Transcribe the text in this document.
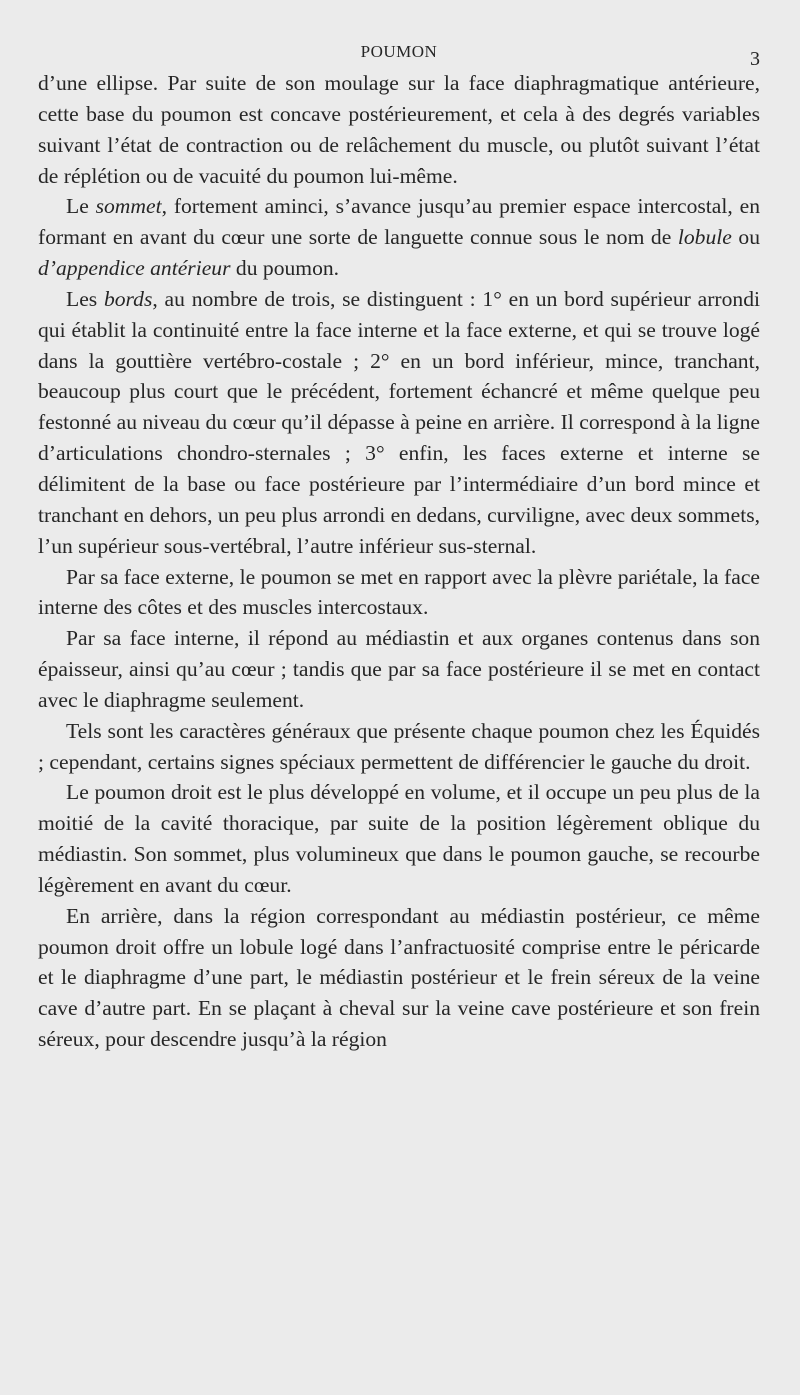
POUMON	3

d’une ellipse. Par suite de son moulage sur la face diaphragmatique antérieure, cette base du poumon est concave postérieurement, et cela à des degrés variables suivant l’état de contraction ou de relâchement du muscle, ou plutôt suivant l’état de réplétion ou de vacuité du poumon lui-même.

Le sommet, fortement aminci, s’avance jusqu’au premier espace intercostal, en formant en avant du cœur une sorte de languette connue sous le nom de lobule ou d’appendice antérieur du poumon.

Les bords, au nombre de trois, se distinguent : 1° en un bord supérieur arrondi qui établit la continuité entre la face interne et la face externe, et qui se trouve logé dans la gouttière vertébro-costale ; 2° en un bord inférieur, mince, tranchant, beaucoup plus court que le précédent, fortement échancré et même quelque peu festonné au niveau du cœur qu’il dépasse à peine en arrière. Il correspond à la ligne d’articulations chondro-sternales ; 3° enfin, les faces externe et interne se délimitent de la base ou face postérieure par l’intermédiaire d’un bord mince et tranchant en dehors, un peu plus arrondi en dedans, curviligne, avec deux sommets, l’un supérieur sous-vertébral, l’autre inférieur sus-sternal.

Par sa face externe, le poumon se met en rapport avec la plèvre pariétale, la face interne des côtes et des muscles intercostaux.

Par sa face interne, il répond au médiastin et aux organes contenus dans son épaisseur, ainsi qu’au cœur ; tandis que par sa face postérieure il se met en contact avec le diaphragme seulement.

Tels sont les caractères généraux que présente chaque poumon chez les Équidés ; cependant, certains signes spéciaux permettent de différencier le gauche du droit.

Le poumon droit est le plus développé en volume, et il occupe un peu plus de la moitié de la cavité thoracique, par suite de la position légèrement oblique du médiastin. Son sommet, plus volumineux que dans le poumon gauche, se recourbe légèrement en avant du cœur.

En arrière, dans la région correspondant au médiastin postérieur, ce même poumon droit offre un lobule logé dans l’anfractuosité comprise entre le péricarde et le diaphragme d’une part, le médiastin postérieur et le frein séreux de la veine cave d’autre part. En se plaçant à cheval sur la veine cave postérieure et son frein séreux, pour descendre jusqu’à la région
